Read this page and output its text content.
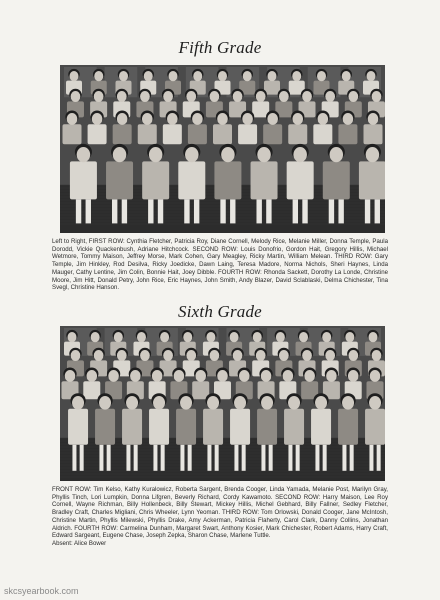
Fifth Grade
Left to Right, FIRST ROW: Cynthia Fletcher, Patricia Roy, Diane Cornell, Melody Rice, Melanie Miller, Donna Temple, Paula Dorodd, Vickie Quackenbush, Adriane Hitchcock. SECOND ROW: Louis Donofrio, Gordon Hait, Gregory Hillis, Michael Wetmore, Tommy Maison, Jeffrey Morse, Mark Cohen, Gary Meagley, Ricky Martin, William Melean. THIRD ROW: Gary Temple, Jim Hinkley, Rod Desilva, Ricky Joedicke, Dawn Laing, Teresa Madore, Norma Nichols, Sheri Haynes, Linda Mauger, Cathy Lentine, Jim Colin, Bonnie Hait, Joey Dibble. FOURTH ROW: Rhonda Sackett, Dorothy La Londe, Christine Moore, Jim Hitt, Donald Petry, John Rice, Eric Haynes, John Smith, Andy Blazer, David Sclablaski, Delma Chichester, Tina Svegl, Christine Hanson.
Sixth Grade
FRONT ROW: Tim Kelso, Kathy Kuralowicz, Roberta Sargent, Brenda Cooger, Linda Yamada, Melanie Post, Marilyn Gray, Phyllis Tinch, Lori Lumpkin, Donna Lifgren, Beverly Richard, Cordy Kawamoto. SECOND ROW: Harry Maison, Lee Roy Cornell, Wayne Richman, Billy Hollenbeck, Billy Stewart, Mickey Hillis, Michel Gebhard, Billy Fallner, Sedley Fletcher, Bradley Craft, Charles Migliani, Chris Wheeler, Lynn Yeoman. THIRD ROW: Tom Orlowski, Donald Cooger, Jane McIntosh, Christine Martin, Phyllis Milewski, Phyllis Drake, Amy Ackerman, Patricia Flaherty, Carol Clark, Danny Collins, Jonathan Aldrich. FOURTH ROW: Carmelina Dunham, Margaret Swart, Anthony Kosier, Mark Chichester, Robert Adams, Harry Craft, Edward Sargeant, Eugene Chase, Joseph Zepka, Sharon Chase, Marlene Tuttle.
Absent: Alice Bower
skcsyearbook.com
